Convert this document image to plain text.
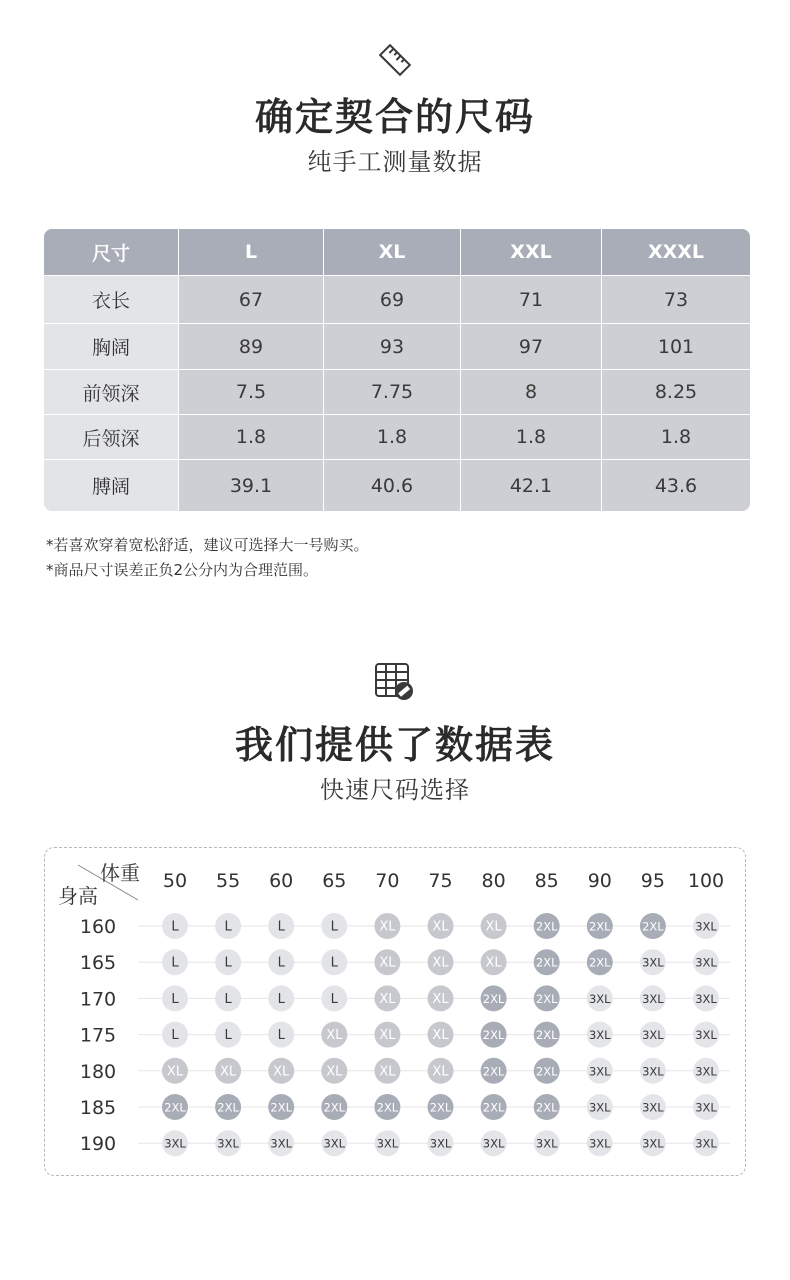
确定契合的尺码
纯手工测量数据
尺寸	L	XL	XXL	XXXL
衣长	67	69	71	73
胸阔	89	93	97	101
前领深	7.5	7.75	8	8.25
后领深	1.8	1.8	1.8	1.8
膊阔	39.1	40.6	42.1	43.6
*若喜欢穿着宽松舒适，建议可选择大一号购买。
*商品尺寸误差正负2公分内为合理范围。
我们提供了数据表
快速尺码选择
50 55 60 65 70 75 80 85 90 95 100
160	L	L	L	L	XL	XL	XL	2XL	2XL	2XL	3XL
165	L	L	L	L	XL	XL	XL	2XL	2XL	3XL	3XL
170	L	L	L	L	XL	XL	2XL	2XL	3XL	3XL	3XL
175	L	L	L	XL	XL	XL	2XL	2XL	3XL	3XL	3XL
180	XL	XL	XL	XL	XL	XL	2XL	2XL	3XL	3XL	3XL
185	2XL	2XL	2XL	2XL	2XL	2XL	2XL	2XL	3XL	3XL	3XL
190	3XL	3XL	3XL	3XL	3XL	3XL	3XL	3XL	3XL	3XL	3XL
体重
身高
